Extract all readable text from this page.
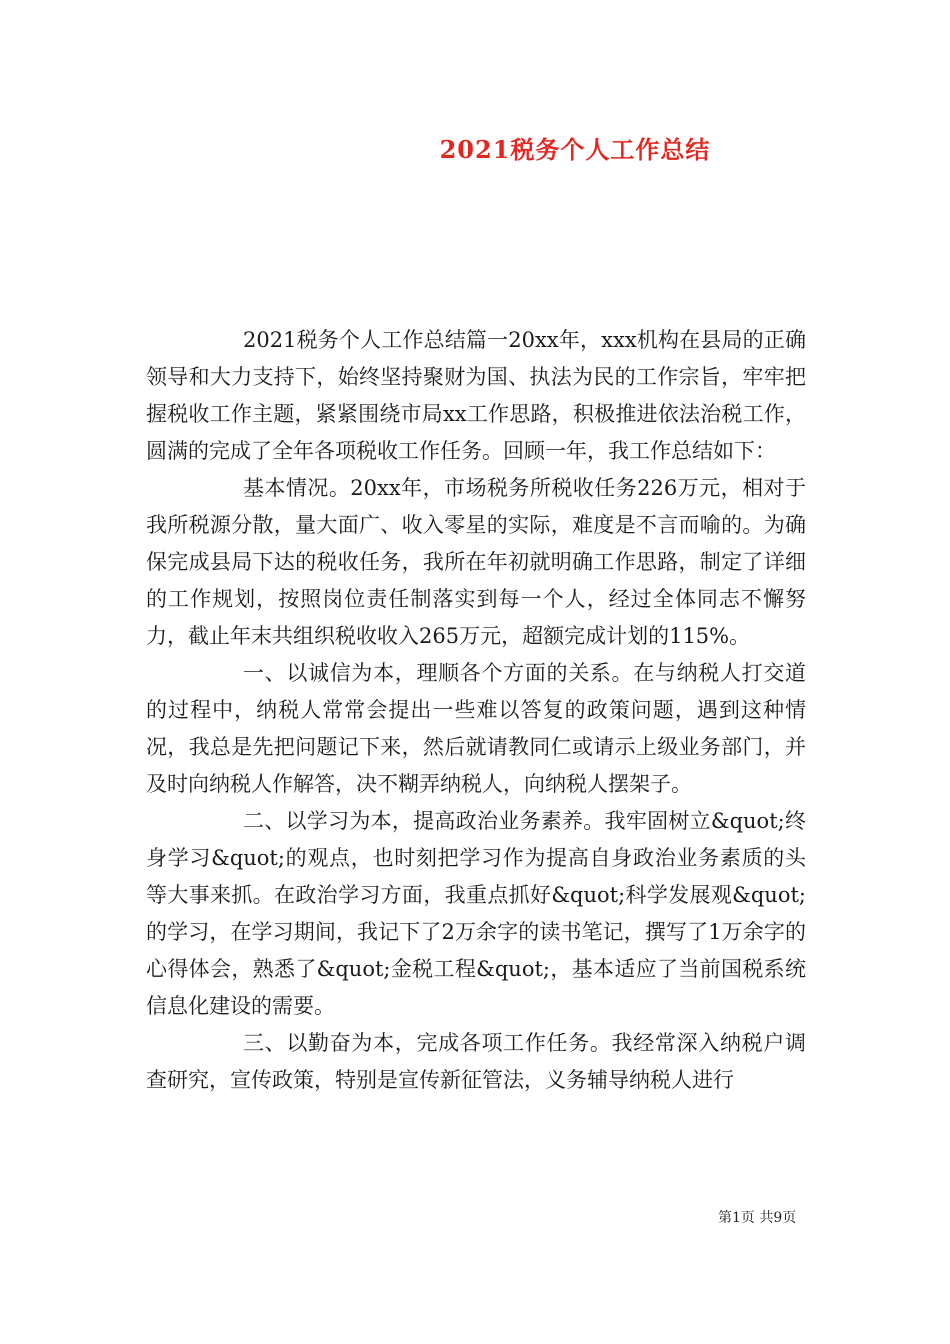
2021税务个人工作总结

2021税务个人工作总结篇一20xx年，xxx机构在县局的正确领导和大力支持下，始终坚持聚财为国、执法为民的工作宗旨，牢牢把握税收工作主题，紧紧围绕市局xx工作思路，积极推进依法治税工作，圆满的完成了全年各项税收工作任务。回顾一年，我工作总结如下：

基本情况。20xx年，市场税务所税收任务226万元，相对于我所税源分散，量大面广、收入零星的实际，难度是不言而喻的。为确保完成县局下达的税收任务，我所在年初就明确工作思路，制定了详细的工作规划，按照岗位责任制落实到每一个人，经过全体同志不懈努力，截止年末共组织税收收入265万元，超额完成计划的115%。

一、以诚信为本，理顺各个方面的关系。在与纳税人打交道的过程中，纳税人常常会提出一些难以答复的政策问题，遇到这种情况，我总是先把问题记下来，然后就请教同仁或请示上级业务部门，并及时向纳税人作解答，决不糊弄纳税人，向纳税人摆架子。

二、以学习为本，提高政治业务素养。我牢固树立&quot;终身学习&quot;的观点，也时刻把学习作为提高自身政治业务素质的头等大事来抓。在政治学习方面，我重点抓好&quot;科学发展观&quot;的学习，在学习期间，我记下了2万余字的读书笔记，撰写了1万余字的心得体会，熟悉了&quot;金税工程&quot;，基本适应了当前国税系统信息化建设的需要。

三、以勤奋为本，完成各项工作任务。我经常深入纳税户调查研究，宣传政策，特别是宣传新征管法，义务辅导纳税人进行

第1页 共9页
